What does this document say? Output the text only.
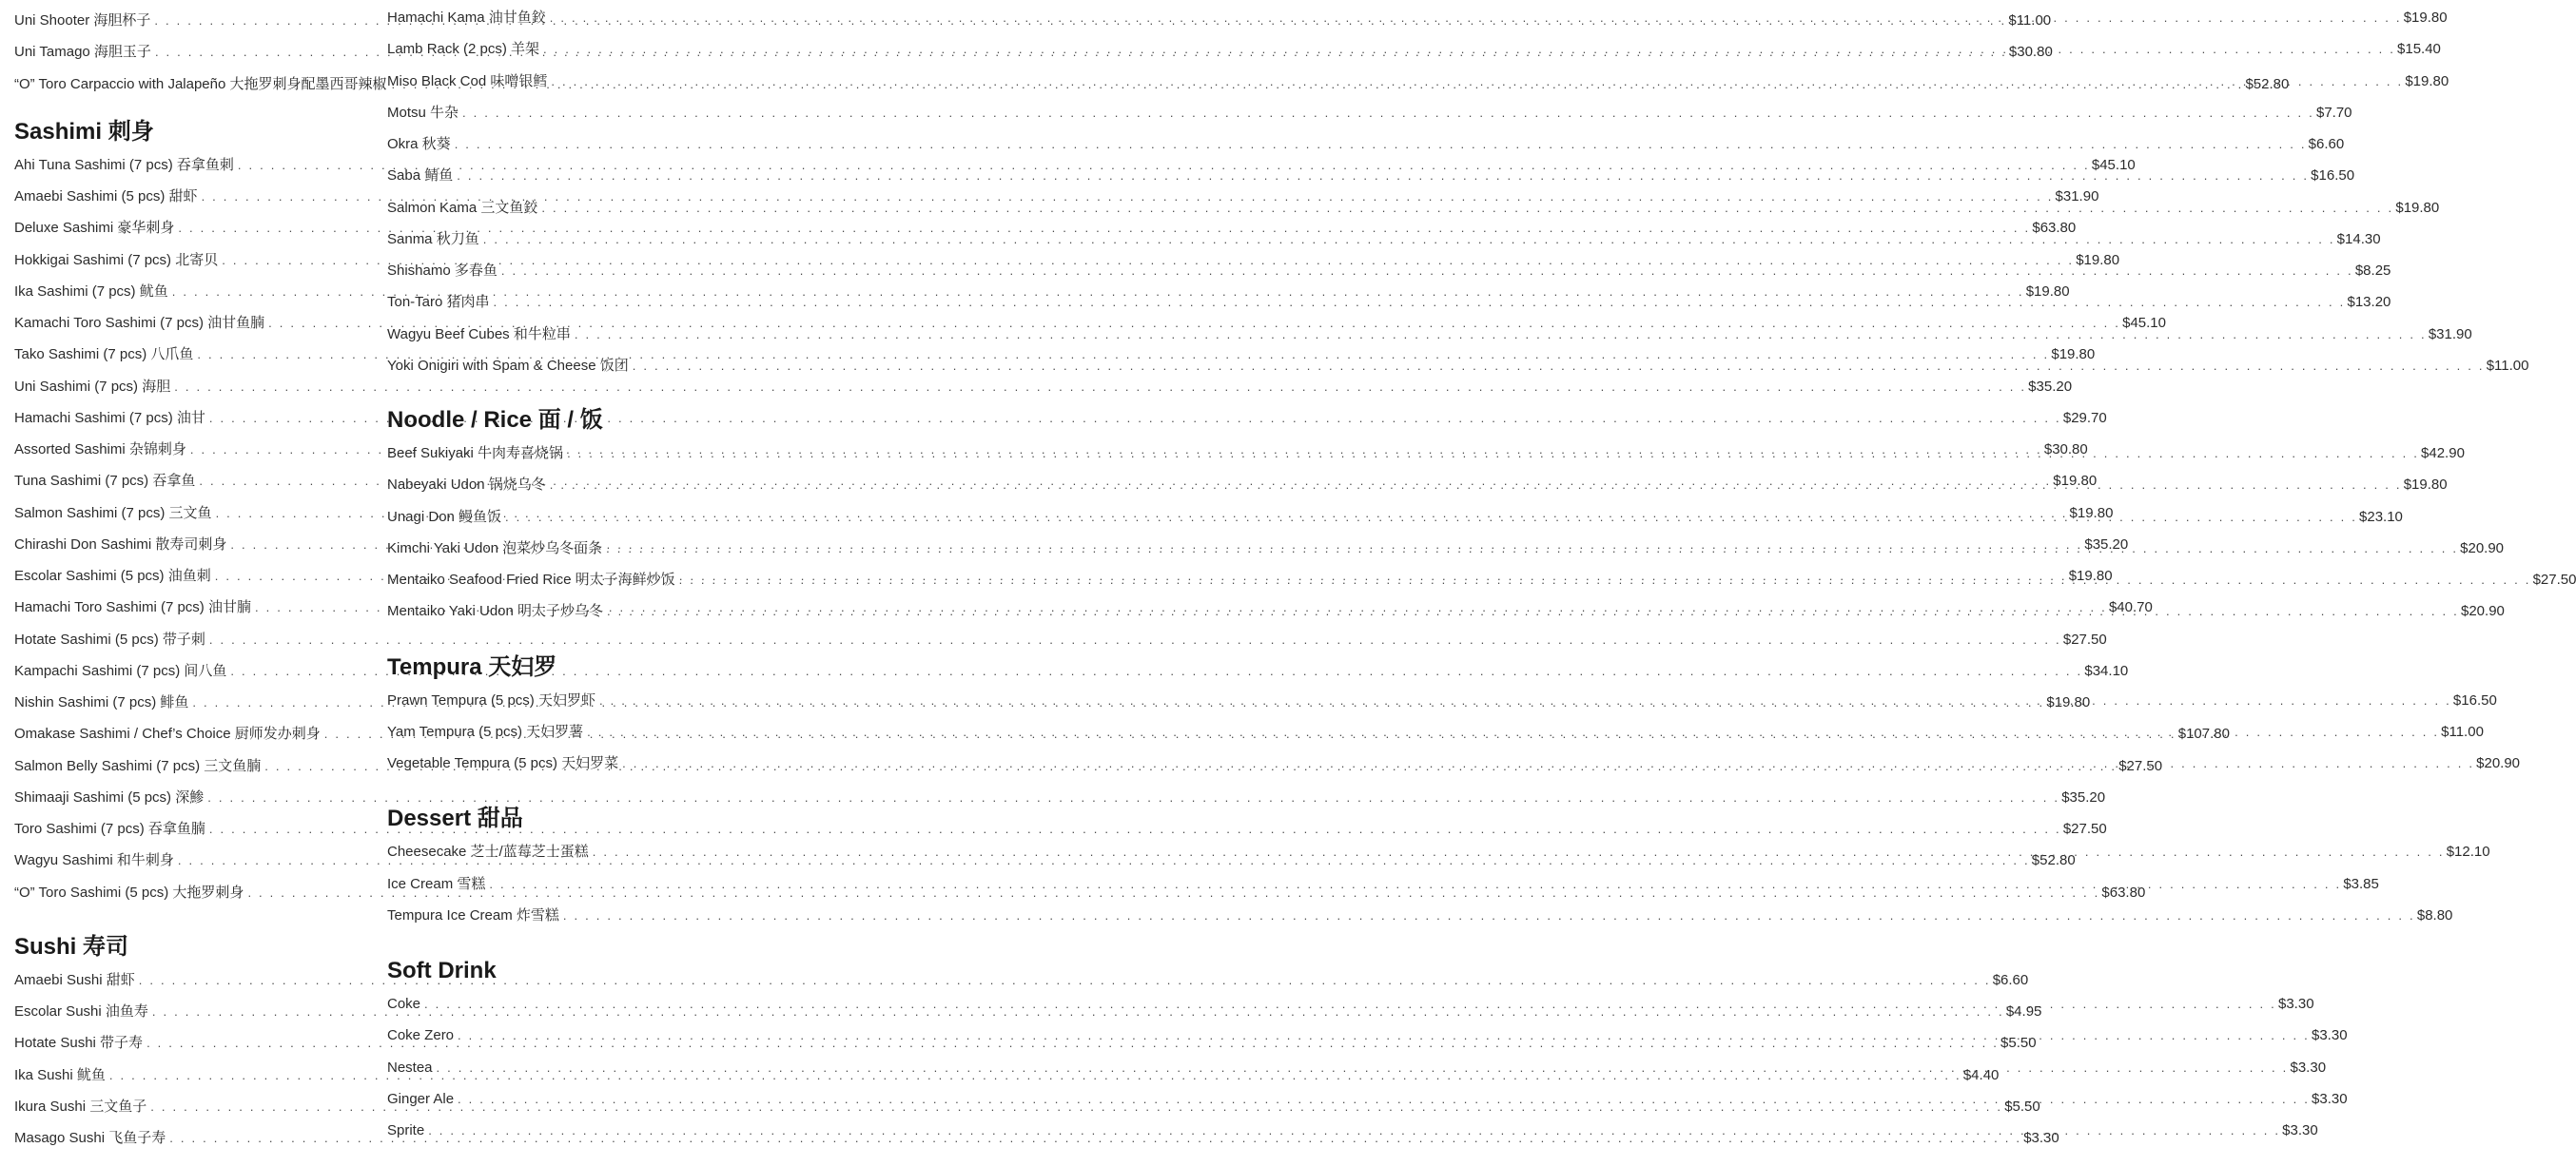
Uni Shooter 海胆杯子 . . .	$11.00
Uni Tamago 海胆玉子 . . .	$30.80
“O” Toro Carpaccio with Jalapeño 大拖罗刺身配墨西哥辣椒 . . .	$52.80
Sashimi 刺身
Ahi Tuna Sashimi (7 pcs) 吞拿鱼刺 . . .	$45.10
Amaebi Sashimi (5 pcs) 甜虾 . . .	$31.90
Deluxe Sashimi 豪华刺身 . . .	$63.80
Hokkigai Sashimi (7 pcs) 北寄贝 . . .	$19.80
Ika Sashimi (7 pcs) 鱿鱼 . . .	$19.80
Kamachi Toro Sashimi (7 pcs) 油甘鱼腩 . . .	$45.10
Tako Sashimi (7 pcs) 八爪鱼 . . .	$19.80
Uni Sashimi (7 pcs) 海胆 . . .	$35.20
Hamachi Sashimi (7 pcs) 油甘 . . .	$29.70
Assorted Sashimi 杂锦刺身 . . .	$30.80
Tuna Sashimi (7 pcs) 吞拿鱼 . . .	$19.80
Salmon Sashimi (7 pcs) 三文鱼 . . .	$19.80
Chirashi Don Sashimi 散寿司刺身 . . .	$35.20
Escolar Sashimi (5 pcs) 油鱼刺 . . .	$19.80
Hamachi Toro Sashimi (7 pcs) 油甘腩 . . .	$40.70
Hotate Sashimi (5 pcs) 带子刺 . . .	$27.50
Kampachi Sashimi (7 pcs) 间八鱼 . . .	$34.10
Nishin Sashimi (7 pcs) 鲱鱼 . . .	$19.80
Omakase Sashimi / Chef’s Choice 厨师发办刺身 . . .	$107.80
Salmon Belly Sashimi (7 pcs) 三文鱼腩 . . .	$27.50
Shimaaji Sashimi (5 pcs) 深鯵 . . .	$35.20
Toro Sashimi (7 pcs) 吞拿鱼腩 . . .	$27.50
Wagyu Sashimi 和牛刺身 . . .	$52.80
“O” Toro Sashimi (5 pcs) 大拖罗刺身 . . .	$63.80
Sushi 寿司
Amaebi Sushi 甜虾 . . .	$6.60
Escolar Sushi 油鱼寿 . . .	$4.95
Hotate Sushi 带子寿 . . .	$5.50
Ika Sushi 鱿鱼 . . .	$4.40
Ikura Sushi 三文鱼子 . . .	$5.50
Masago Sushi 飞鱼子寿 . . .	$3.30
Hamachi Kama 油甘鱼鉸 . . .	$19.80
Lamb Rack (2 pcs) 羊架 . . .	$15.40
Miso Black Cod 味噌银鳕 . . .	$19.80
Motsu 牛杂 . . .	$7.70
Okra 秋葵 . . .	$6.60
Saba 鲭鱼 . . .	$16.50
Salmon Kama 三文鱼鉸 . . .	$19.80
Sanma 秋刀鱼 . . .	$14.30
Shishamo 多春鱼 . . .	$8.25
Ton-Taro 猪肉串 . . .	$13.20
Wagyu Beef Cubes 和牛粒串 . . .	$31.90
Yoki Onigiri with Spam & Cheese 饭团 . . .	$11.00
Noodle / Rice 面 / 饭
Beef Sukiyaki 牛肉寿喜烧锅 . . .	$42.90
Nabeyaki Udon 锅烧乌冬 . . .	$19.80
Unagi Don 鳗鱼饭 . . .	$23.10
Kimchi Yaki Udon 泡菜炒乌冬面条 . . .	$20.90
Mentaiko Seafood Fried Rice 明太子海鲜炒饭 . . .	$27.50
Mentaiko Yaki Udon 明太子炒乌冬 . . .	$20.90
Tempura 天妇罗
Prawn Tempura (5 pcs) 天妇罗虾 . . .	$16.50
Yam Tempura (5 pcs) 天妇罗薯 . . .	$11.00
Vegetable Tempura (5 pcs) 天妇罗菜 . . .	$20.90
Dessert 甜品
Cheesecake 芝士/蓝莓芝士蛋糕 . . .	$12.10
Ice Cream 雪糕 . . .	$3.85
Tempura Ice Cream 炸雪糕 . . .	$8.80
Soft Drink
Coke . . .	$3.30
Coke Zero . . .	$3.30
Nestea . . .	$3.30
Ginger Ale . . .	$3.30
Sprite . . .	$3.30
